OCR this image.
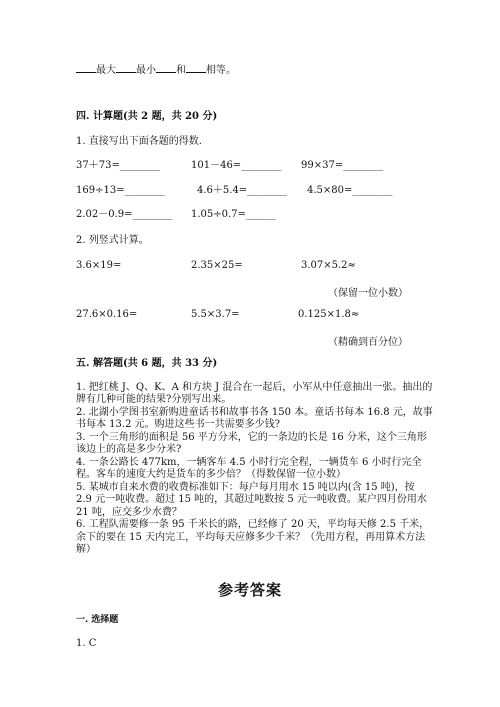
最大 最小 和 相等。
四. 计算题(共 2 题，共 20 分)
1. 直接写出下面各题的得数.
37＋73=________	101－46=________ 99×37=________
169÷13=________	4.6＋5.4=________ 4.5×80=________
2.02－0.9=________ 1.05÷0.7=______
2. 列竖式计算。
3.6×19=	2.35×25=	3.07×5.2≈
（保留一位小数）
27.6×0.16=	5.5×3.7=	0.125×1.8≈
（精确到百分位）
五. 解答题(共 6 题，共 33 分)
1. 把红桃 J、Q、K、A 和方块 J 混合在一起后，小军从中任意抽出一张。抽出的
牌有几种可能的结果?分别写出来。
2. 北湖小学图书室新购进童话书和故事书各 150 本。童话书每本 16.8 元，故事
书每本 13.2 元。购进这些书一共需要多少钱?
3. 一个三角形的面积是 56 平方分米，它的一条边的长是 16 分米，这个三角形
该边上的高是多少分米?
4. 一条公路长 477km，一辆客车 4.5 小时行完全程，一辆货车 6 小时行完全
程。客车的速度大约是货车的多少倍？（得数保留一位小数）
5. 某城市自来水费的收费标准如下：每户每月用水 15 吨以内(含 15 吨)，按
2.9 元一吨收费。超过 15 吨的，其超过吨数按 5 元一吨收费。某户四月份用水
21 吨，应交多少水费？
6. 工程队需要修一条 95 千米长的路，已经修了 20 天，平均每天修 2.5 千米，
余下的要在 15 天内完工，平均每天应修多少千米？（先用方程，再用算术方法
解）
参考答案
一. 选择题
1. C
